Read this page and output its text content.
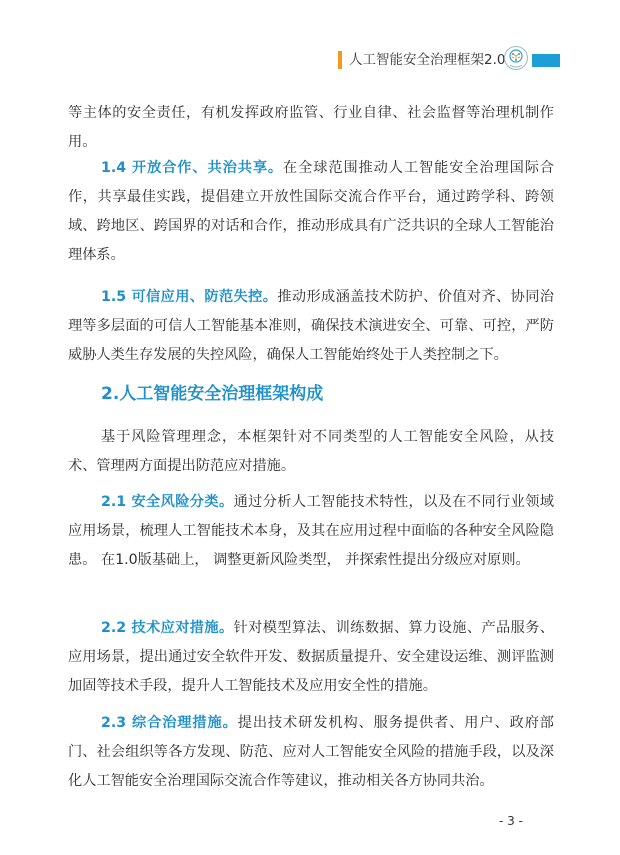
人工智能安全治理框架2.0

等主体的安全责任，有机发挥政府监管、行业自律、社会监督等治理机制作用。

1.4 开放合作、共治共享。在全球范围推动人工智能安全治理国际合作，共享最佳实践，提倡建立开放性国际交流合作平台，通过跨学科、跨领域、跨地区、跨国界的对话和合作，推动形成具有广泛共识的全球人工智能治理体系。

1.5 可信应用、防范失控。推动形成涵盖技术防护、价值对齐、协同治理等多层面的可信人工智能基本准则，确保技术演进安全、可靠、可控，严防威胁人类生存发展的失控风险，确保人工智能始终处于人类控制之下。

2.人工智能安全治理框架构成

基于风险管理理念，本框架针对不同类型的人工智能安全风险，从技术、管理两方面提出防范应对措施。

2.1 安全风险分类。通过分析人工智能技术特性，以及在不同行业领域应用场景，梳理人工智能技术本身，及其在应用过程中面临的各种安全风险隐患。 在1.0版基础上， 调整更新风险类型， 并探索性提出分级应对原则。

2.2 技术应对措施。针对模型算法、训练数据、算力设施、产品服务、应用场景，提出通过安全软件开发、数据质量提升、安全建设运维、测评监测加固等技术手段，提升人工智能技术及应用安全性的措施。

2.3 综合治理措施。提出技术研发机构、服务提供者、用户、政府部门、社会组织等各方发现、防范、应对人工智能安全风险的措施手段，以及深化人工智能安全治理国际交流合作等建议，推动相关各方协同共治。

- 3 -
